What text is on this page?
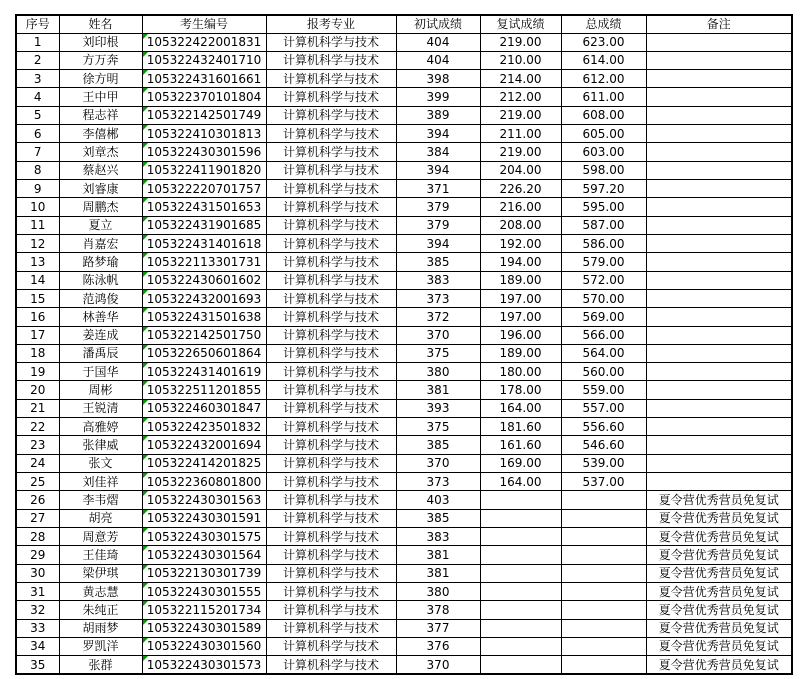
序号	姓名	考生编号	报考专业	初试成绩	复试成绩	总成绩	备注
1	刘印根	105322422001831	计算机科学与技术	404	219.00	623.00	
2	方万奔	105322432401710	计算机科学与技术	404	210.00	614.00	
3	徐方明	105322431601661	计算机科学与技术	398	214.00	612.00	
4	王中甲	105322370101804	计算机科学与技术	399	212.00	611.00	
5	程志祥	105322142501749	计算机科学与技术	389	219.00	608.00	
6	李僖郴	105322410301813	计算机科学与技术	394	211.00	605.00	
7	刘章杰	105322430301596	计算机科学与技术	384	219.00	603.00	
8	蔡赵兴	105322411901820	计算机科学与技术	394	204.00	598.00	
9	刘睿康	105322220701757	计算机科学与技术	371	226.20	597.20	
10	周鹏杰	105322431501653	计算机科学与技术	379	216.00	595.00	
11	夏立	105322431901685	计算机科学与技术	379	208.00	587.00	
12	肖嘉宏	105322431401618	计算机科学与技术	394	192.00	586.00	
13	路梦瑜	105322113301731	计算机科学与技术	385	194.00	579.00	
14	陈泳帆	105322430601602	计算机科学与技术	383	189.00	572.00	
15	范鸿俊	105322432001693	计算机科学与技术	373	197.00	570.00	
16	林善华	105322431501638	计算机科学与技术	372	197.00	569.00	
17	姜连成	105322142501750	计算机科学与技术	370	196.00	566.00	
18	潘禹辰	105322650601864	计算机科学与技术	375	189.00	564.00	
19	于国华	105322431401619	计算机科学与技术	380	180.00	560.00	
20	周彬	105322511201855	计算机科学与技术	381	178.00	559.00	
21	王锐清	105322460301847	计算机科学与技术	393	164.00	557.00	
22	高雅婷	105322423501832	计算机科学与技术	375	181.60	556.60	
23	张律威	105322432001694	计算机科学与技术	385	161.60	546.60	
24	张文	105322414201825	计算机科学与技术	370	169.00	539.00	
25	刘佳祥	105322360801800	计算机科学与技术	373	164.00	537.00	
26	李韦熠	105322430301563	计算机科学与技术	403			夏令营优秀营员免复试
27	胡亮	105322430301591	计算机科学与技术	385			夏令营优秀营员免复试
28	周意芳	105322430301575	计算机科学与技术	383			夏令营优秀营员免复试
29	王佳琦	105322430301564	计算机科学与技术	381			夏令营优秀营员免复试
30	梁伊琪	105322130301739	计算机科学与技术	381			夏令营优秀营员免复试
31	黄志慧	105322430301555	计算机科学与技术	380			夏令营优秀营员免复试
32	朱纯正	105322115201734	计算机科学与技术	378			夏令营优秀营员免复试
33	胡雨梦	105322430301589	计算机科学与技术	377			夏令营优秀营员免复试
34	罗凯洋	105322430301560	计算机科学与技术	376			夏令营优秀营员免复试
35	张群	105322430301573	计算机科学与技术	370			夏令营优秀营员免复试
